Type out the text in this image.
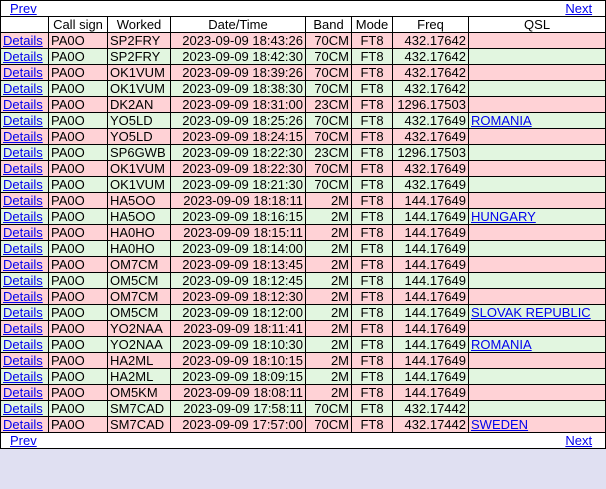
Prev Next							

	Call sign	Worked	Date/Time	Band	Mode	Freq	QSL
Details	PA0O	SP2FRY	2023-09-09 18:43:26	70CM	FT8	432.17642	
Details	PA0O	SP2FRY	2023-09-09 18:42:30	70CM	FT8	432.17642	
Details	PA0O	OK1VUM	2023-09-09 18:39:26	70CM	FT8	432.17642	
Details	PA0O	OK1VUM	2023-09-09 18:38:30	70CM	FT8	432.17642	
Details	PA0O	DK2AN	2023-09-09 18:31:00	23CM	FT8	1296.17503	
Details	PA0O	YO5LD	2023-09-09 18:25:26	70CM	FT8	432.17649	ROMANIA
Details	PA0O	YO5LD	2023-09-09 18:24:15	70CM	FT8	432.17649	
Details	PA0O	SP6GWB	2023-09-09 18:22:30	23CM	FT8	1296.17503	
Details	PA0O	OK1VUM	2023-09-09 18:22:30	70CM	FT8	432.17649	
Details	PA0O	OK1VUM	2023-09-09 18:21:30	70CM	FT8	432.17649	
Details	PA0O	HA5OO	2023-09-09 18:18:11	2M	FT8	144.17649	
Details	PA0O	HA5OO	2023-09-09 18:16:15	2M	FT8	144.17649	HUNGARY
Details	PA0O	HA0HO	2023-09-09 18:15:11	2M	FT8	144.17649	
Details	PA0O	HA0HO	2023-09-09 18:14:00	2M	FT8	144.17649	
Details	PA0O	OM7CM	2023-09-09 18:13:45	2M	FT8	144.17649	
Details	PA0O	OM5CM	2023-09-09 18:12:45	2M	FT8	144.17649	
Details	PA0O	OM7CM	2023-09-09 18:12:30	2M	FT8	144.17649	
Details	PA0O	OM5CM	2023-09-09 18:12:00	2M	FT8	144.17649	SLOVAK REPUBLIC
Details	PA0O	YO2NAA	2023-09-09 18:11:41	2M	FT8	144.17649	
Details	PA0O	YO2NAA	2023-09-09 18:10:30	2M	FT8	144.17649	ROMANIA
Details	PA0O	HA2ML	2023-09-09 18:10:15	2M	FT8	144.17649	
Details	PA0O	HA2ML	2023-09-09 18:09:15	2M	FT8	144.17649	
Details	PA0O	OM5KM	2023-09-09 18:08:11	2M	FT8	144.17649	
Details	PA0O	SM7CAD	2023-09-09 17:58:11	70CM	FT8	432.17442	
Details	PA0O	SM7CAD	2023-09-09 17:57:00	70CM	FT8	432.17442	SWEDEN
Prev Next							
